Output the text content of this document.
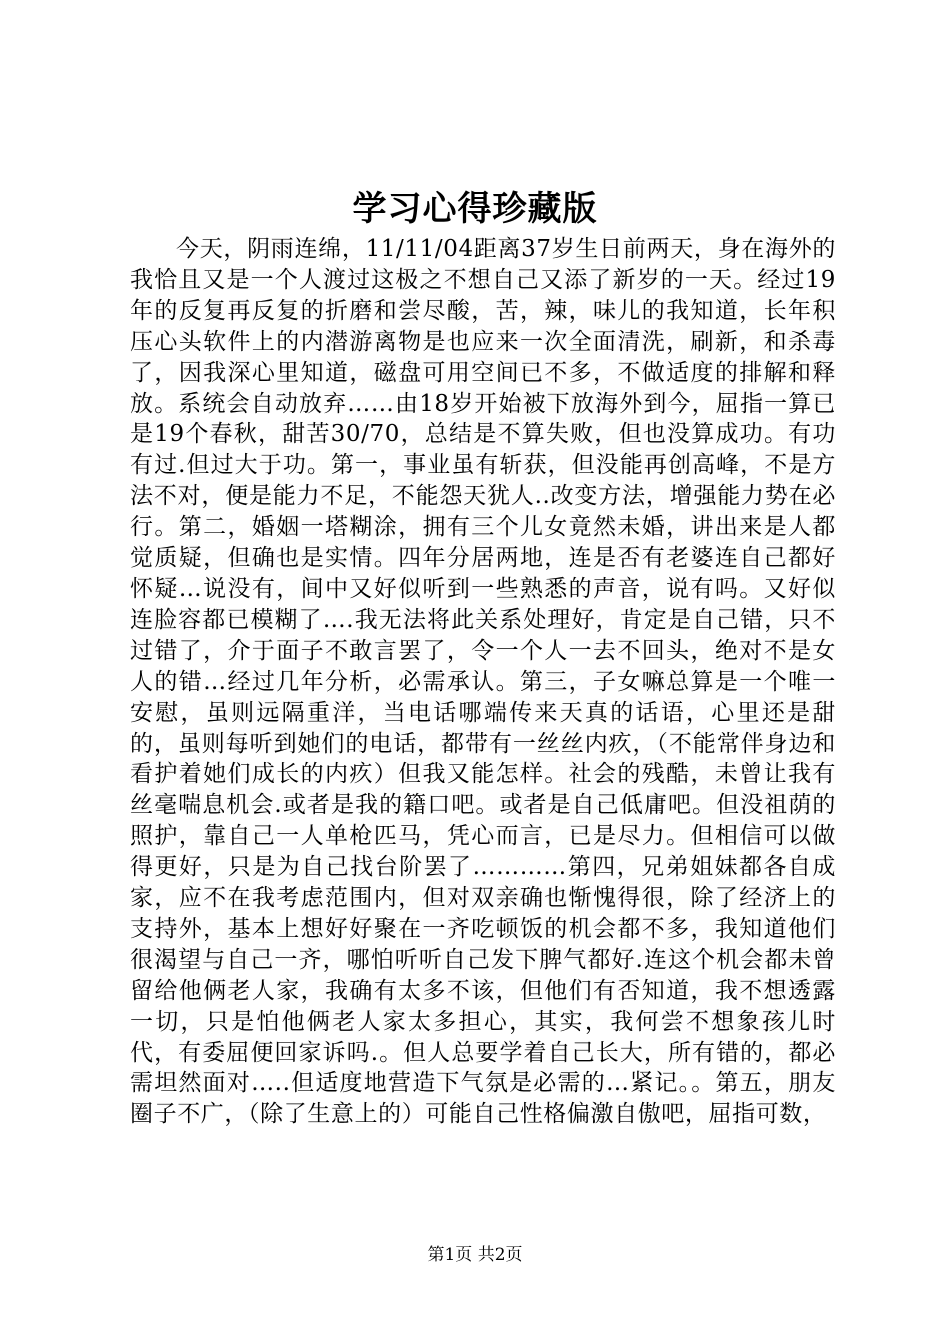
学习心得珍藏版

今天，阴雨连绵，11/11/04距离37岁生日前两天，身在海外的我恰且又是一个人渡过这极之不想自己又添了新岁的一天。经过19年的反复再反复的折磨和尝尽酸，苦，辣，味儿的我知道，长年积压心头软件上的内潜游离物是也应来一次全面清洗，刷新，和杀毒了，因我深心里知道，磁盘可用空间已不多，不做适度的排解和释放。系统会自动放弃……由18岁开始被下放海外到今，屈指一算已是19个春秋，甜苦30/70，总结是不算失败，但也没算成功。有功有过.但过大于功。第一，事业虽有斩获，但没能再创高峰，不是方法不对，便是能力不足，不能怨天犹人..改变方法，增强能力势在必行。第二，婚姻一塔糊涂，拥有三个儿女竟然未婚，讲出来是人都觉质疑，但确也是实情。四年分居两地，连是否有老婆连自己都好怀疑…说没有，间中又好似听到一些熟悉的声音，说有吗。又好似连脸容都已模糊了….我无法将此关系处理好，肯定是自己错，只不过错了，介于面子不敢言罢了，令一个人一去不回头，绝对不是女人的错…经过几年分析，必需承认。第三，子女嘛总算是一个唯一安慰，虽则远隔重洋，当电话哪端传来天真的话语，心里还是甜的，虽则每听到她们的电话，都带有一丝丝内疚，（不能常伴身边和看护着她们成长的内疚）但我又能怎样。社会的残酷，未曾让我有丝毫喘息机会.或者是我的籍口吧。或者是自己低庸吧。但没祖荫的照护，靠自己一人单枪匹马，凭心而言，已是尽力。但相信可以做得更好，只是为自己找台阶罢了…………第四，兄弟姐妹都各自成家，应不在我考虑范围内，但对双亲确也惭愧得很，除了经济上的支持外，基本上想好好聚在一齐吃顿饭的机会都不多，我知道他们很渴望与自己一齐，哪怕听听自己发下脾气都好.连这个机会都未曾留给他俩老人家，我确有太多不该，但他们有否知道，我不想透露一切，只是怕他俩老人家太多担心，其实，我何尝不想象孩儿时代，有委屈便回家诉吗.。但人总要学着自己长大，所有错的，都必需坦然面对…..但适度地营造下气氛是必需的…紧记。。第五，朋友圈子不广，（除了生意上的）可能自己性格偏激自傲吧，屈指可数，

第1页 共2页
